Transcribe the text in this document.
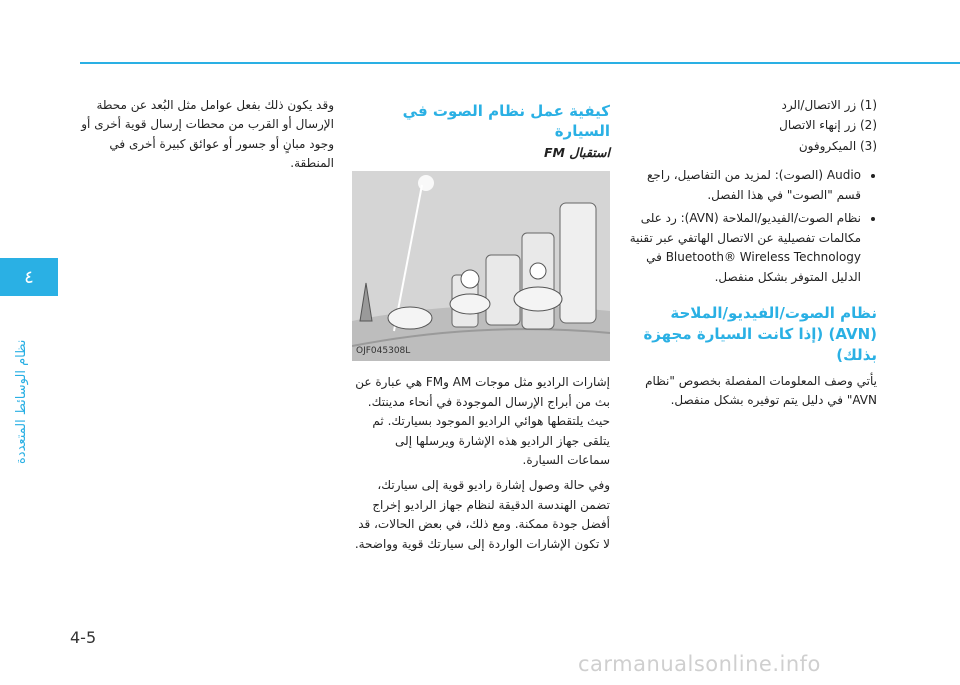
٤
نظام الوسائط المتعددة
(1) زر الاتصال/الرد
(2) زر إنهاء الاتصال
(3) الميكروفون
• Audio (الصوت): لمزيد من التفاصيل، راجع قسم "الصوت" في هذا الفصل.
• نظام الصوت/الفيديو/الملاحة (AVN): رد على مكالمات تفصيلية عن الاتصال الهاتفي عبر تقنية Bluetooth® Wireless Technology في الدليل المتوفر بشكل منفصل.
نظام الصوت/الفيديو/الملاحة (AVN) (إذا كانت السيارة مجهزة بذلك)

يأتي وصف المعلومات المفصلة بخصوص "نظام AVN" في دليل يتم توفيره بشكل منفصل.

كيفية عمل نظام الصوت في السيارة
استقبال FM
OJF045308L

إشارات الراديو مثل موجات AM وFM هي عبارة عن بث من أبراج الإرسال الموجودة في أنحاء مدينتك. حيث يلتقطها هوائي الراديو الموجود بسيارتك. ثم يتلقى جهاز الراديو هذه الإشارة ويرسلها إلى سماعات السيارة.

وفي حالة وصول إشارة راديو قوية إلى سيارتك، تضمن الهندسة الدقيقة لنظام جهاز الراديو إخراج أفضل جودة ممكنة. ومع ذلك، في بعض الحالات، قد لا تكون الإشارات الواردة إلى سيارتك قوية وواضحة.

وقد يكون ذلك بفعل عوامل مثل البُعد عن محطة الإرسال أو القرب من محطات إرسال قوية أخرى أو وجود مبانٍ أو جسور أو عوائق كبيرة أخرى في المنطقة.

4-5
carmanualsonline.info
